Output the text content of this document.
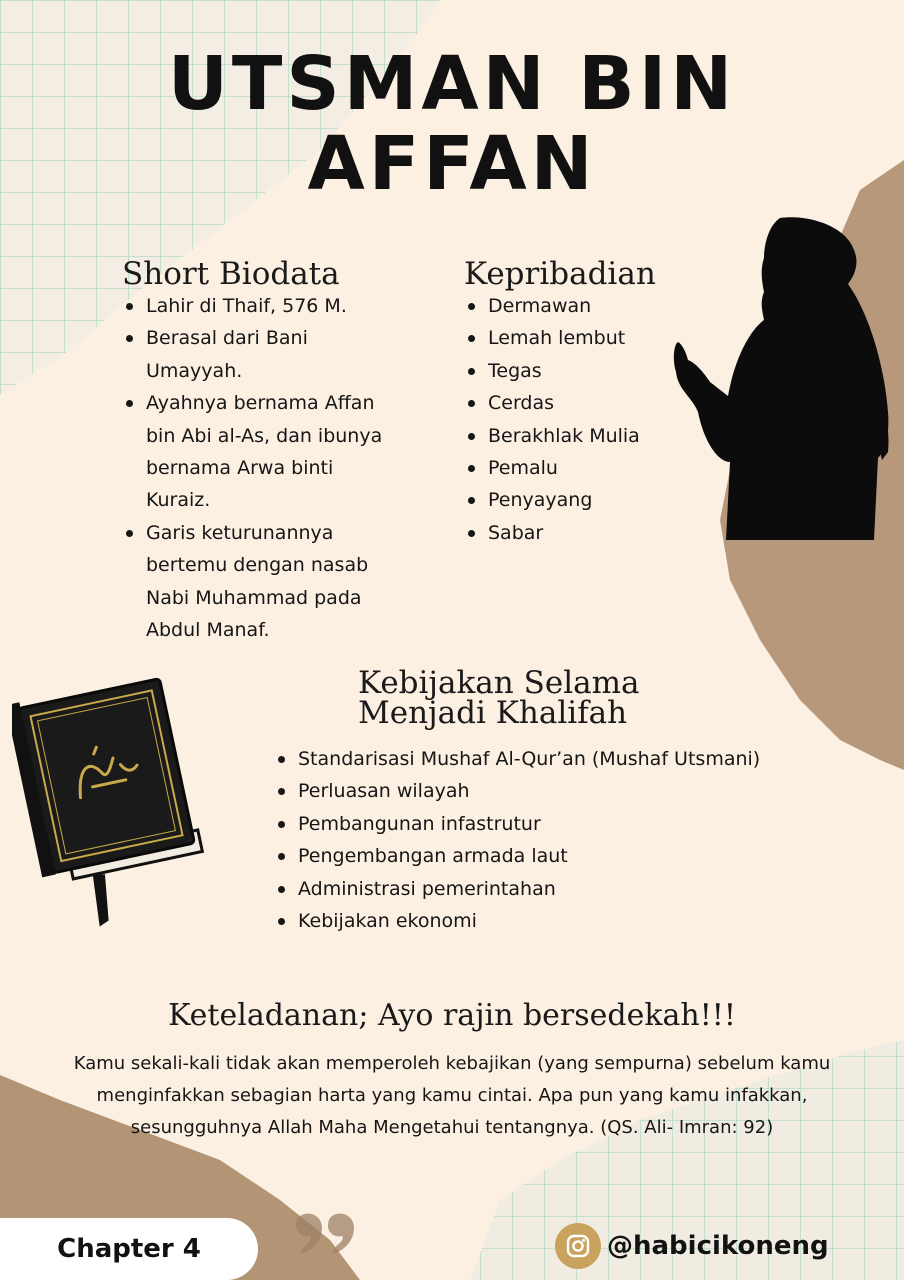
UTSMAN BIN
AFFAN
Short Biodata
Lahir di Thaif, 576 M.
Berasal dari Bani Umayyah.
Ayahnya bernama Affan bin Abi al-As, dan ibunya bernama Arwa binti Kuraiz.
Garis keturunannya bertemu dengan nasab Nabi Muhammad pada Abdul Manaf.
Kepribadian
Dermawan
Lemah lembut
Tegas
Cerdas
Berakhlak Mulia
Pemalu
Penyayang
Sabar
Kebijakan Selama
Menjadi Khalifah
Standarisasi Mushaf Al-Qur’an (Mushaf Utsmani)
Perluasan wilayah
Pembangunan infastrutur
Pengembangan armada laut
Administrasi pemerintahan
Kebijakan ekonomi
Keteladanan; Ayo rajin bersedekah!!!
Kamu sekali-kali tidak akan memperoleh kebajikan (yang sempurna) sebelum kamu menginfakkan sebagian harta yang kamu cintai. Apa pun yang kamu infakkan, sesungguhnya Allah Maha Mengetahui tentangnya. (QS. Ali- Imran: 92)
Chapter 4	@habicikoneng
